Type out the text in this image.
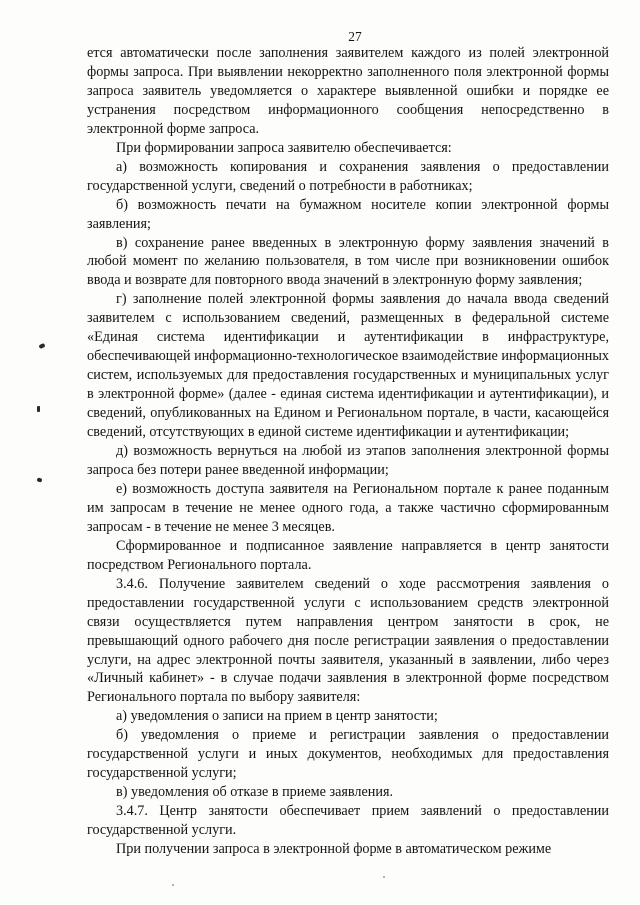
27

ется автоматически после заполнения заявителем каждого из полей электронной формы запроса. При выявлении некорректно заполненного поля электронной формы запроса заявитель уведомляется о характере выявленной ошибки и порядке ее устранения посредством информационного сообщения непосредственно в электронной форме запроса.

При формировании запроса заявителю обеспечивается:

а) возможность копирования и сохранения заявления о предоставлении государственной услуги, сведений о потребности в работниках;

б) возможность печати на бумажном носителе копии электронной формы заявления;

в) сохранение ранее введенных в электронную форму заявления значений в любой момент по желанию пользователя, в том числе при возникновении ошибок ввода и возврате для повторного ввода значений в электронную форму заявления;

г) заполнение полей электронной формы заявления до начала ввода сведений заявителем с использованием сведений, размещенных в федеральной системе «Единая система идентификации и аутентификации в инфраструктуре, обеспечивающей информационно-технологическое взаимодействие информационных систем, используемых для предоставления государственных и муниципальных услуг в электронной форме» (далее - единая система идентификации и аутентификации), и сведений, опубликованных на Едином и Региональном портале, в части, касающейся сведений, отсутствующих в единой системе идентификации и аутентификации;

д) возможность вернуться на любой из этапов заполнения электронной формы запроса без потери ранее введенной информации;

е) возможность доступа заявителя на Региональном портале к ранее поданным им запросам в течение не менее одного года, а также частично сформированным запросам - в течение не менее 3 месяцев.

Сформированное и подписанное заявление направляется в центр занятости посредством Регионального портала.

3.4.6. Получение заявителем сведений о ходе рассмотрения заявления о предоставлении государственной услуги с использованием средств электронной связи осуществляется путем направления центром занятости в срок, не превышающий одного рабочего дня после регистрации заявления о предоставлении услуги, на адрес электронной почты заявителя, указанный в заявлении, либо через «Личный кабинет» - в случае подачи заявления в электронной форме посредством Регионального портала по выбору заявителя:

а) уведомления о записи на прием в центр занятости;

б) уведомления о приеме и регистрации заявления о предоставлении государственной услуги и иных документов, необходимых для предоставления государственной услуги;

в) уведомления об отказе в приеме заявления.

3.4.7. Центр занятости обеспечивает прием заявлений о предоставлении государственной услуги.

При получении запроса в электронной форме в автоматическом режиме
